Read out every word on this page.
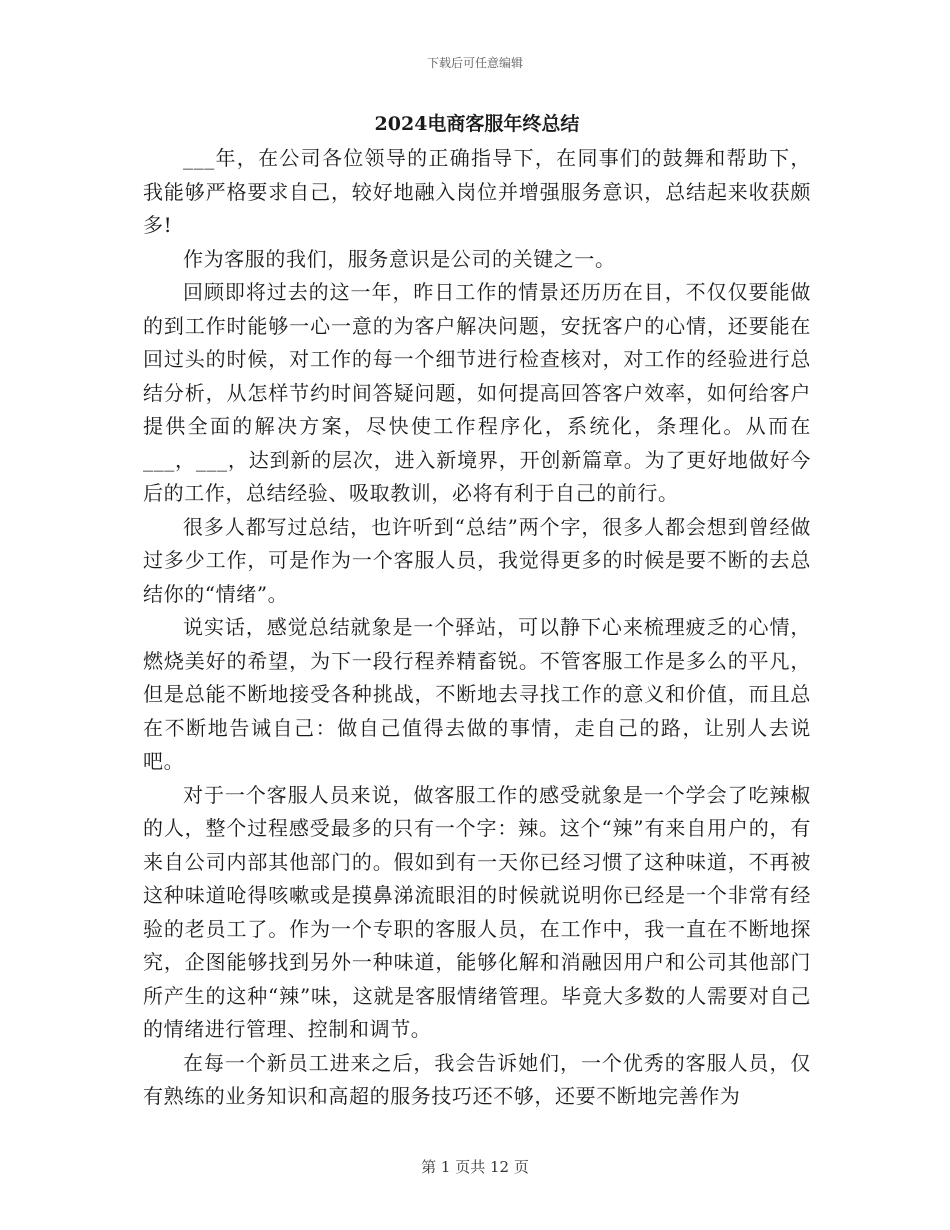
下载后可任意编辑
2024电商客服年终总结

___年，在公司各位领导的正确指导下，在同事们的鼓舞和帮助下，我能够严格要求自己，较好地融入岗位并增强服务意识，总结起来收获颇多!

作为客服的我们，服务意识是公司的关键之一。

回顾即将过去的这一年，昨日工作的情景还历历在目，不仅仅要能做的到工作时能够一心一意的为客户解决问题，安抚客户的心情，还要能在回过头的时候，对工作的每一个细节进行检查核对，对工作的经验进行总结分析，从怎样节约时间答疑问题，如何提高回答客户效率，如何给客户提供全面的解决方案，尽快使工作程序化，系统化，条理化。从而在___，___，达到新的层次，进入新境界，开创新篇章。为了更好地做好今后的工作，总结经验、吸取教训，必将有利于自己的前行。

很多人都写过总结，也许听到“总结”两个字，很多人都会想到曾经做过多少工作，可是作为一个客服人员，我觉得更多的时候是要不断的去总结你的“情绪”。

说实话，感觉总结就象是一个驿站，可以静下心来梳理疲乏的心情，燃烧美好的希望，为下一段行程养精畜锐。不管客服工作是多么的平凡，但是总能不断地接受各种挑战，不断地去寻找工作的意义和价值，而且总在不断地告诫自己：做自己值得去做的事情，走自己的路，让别人去说吧。

对于一个客服人员来说，做客服工作的感受就象是一个学会了吃辣椒的人，整个过程感受最多的只有一个字：辣。这个“辣”有来自用户的，有来自公司内部其他部门的。假如到有一天你已经习惯了这种味道，不再被这种味道呛得咳嗽或是摸鼻涕流眼泪的时候就说明你已经是一个非常有经验的老员工了。作为一个专职的客服人员，在工作中，我一直在不断地探究，企图能够找到另外一种味道，能够化解和消融因用户和公司其他部门所产生的这种“辣”味，这就是客服情绪管理。毕竟大多数的人需要对自己的情绪进行管理、控制和调节。

在每一个新员工进来之后，我会告诉她们，一个优秀的客服人员，仅有熟练的业务知识和高超的服务技巧还不够，还要不断地完善作为

第 1 页共 12 页
